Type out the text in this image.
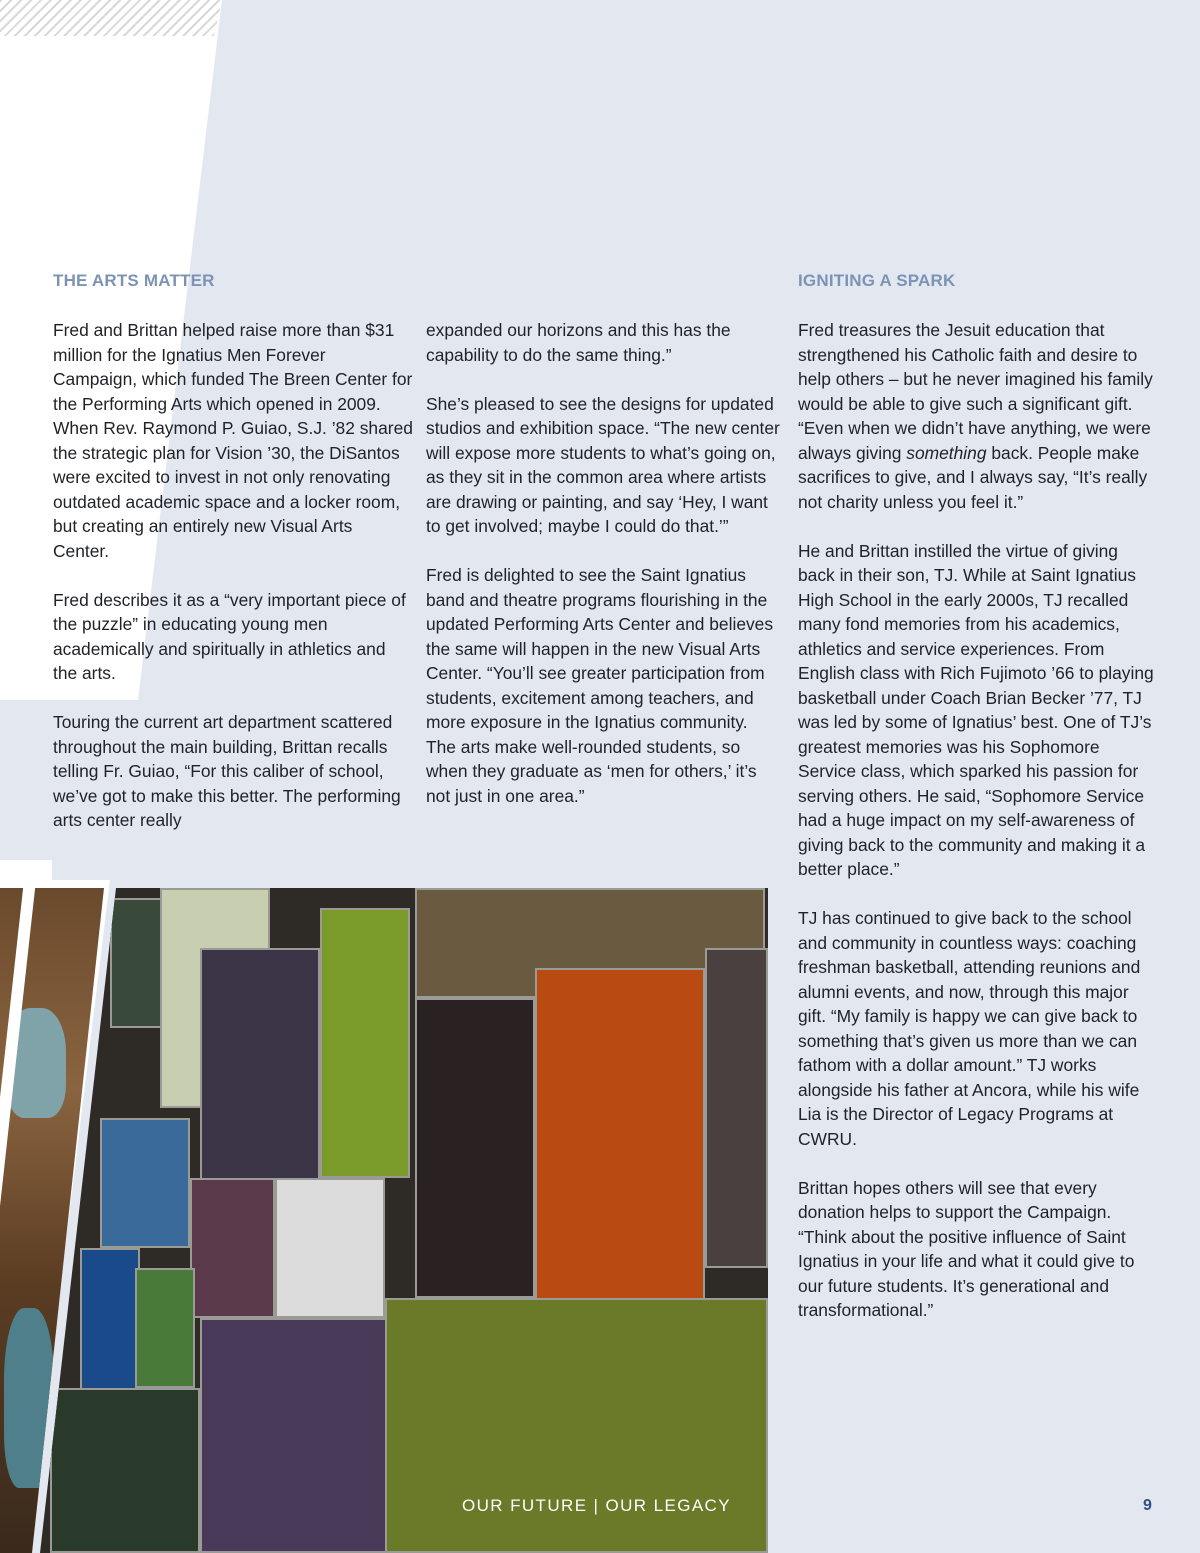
THE ARTS MATTER	IGNITING A SPARK

Fred and Brittan helped raise more than $31 million for the Ignatius Men Forever Campaign, which funded The Breen Center for the Performing Arts which opened in 2009. When Rev. Raymond P. Guiao, S.J. ’82 shared the strategic plan for Vision ’30, the DiSantos were excited to invest in not only renovating outdated academic space and a locker room, but creating an entirely new Visual Arts Center.

Fred describes it as a “very important piece of the puzzle” in educating young men academically and spiritually in athletics and the arts.

Touring the current art department scattered throughout the main building, Brittan recalls telling Fr. Guiao, “For this caliber of school, we’ve got to make this better. The performing arts center really

expanded our horizons and this has the capability to do the same thing.”

She’s pleased to see the designs for updated studios and exhibition space. “The new center will expose more students to what’s going on, as they sit in the common area where artists are drawing or painting, and say ‘Hey, I want to get involved; maybe I could do that.’”

Fred is delighted to see the Saint Ignatius band and theatre programs flourishing in the updated Performing Arts Center and believes the same will happen in the new Visual Arts Center. “You’ll see greater participation from students, excitement among teachers, and more exposure in the Ignatius community. The arts make well-rounded students, so when they graduate as ‘men for others,’ it’s not just in one area.”

Fred treasures the Jesuit education that strengthened his Catholic faith and desire to help others – but he never imagined his family would be able to give such a significant gift. “Even when we didn’t have anything, we were always giving something back. People make sacrifices to give, and I always say, “It’s really not charity unless you feel it.”

He and Brittan instilled the virtue of giving back in their son, TJ. While at Saint Ignatius High School in the early 2000s, TJ recalled many fond memories from his academics, athletics and service experiences. From English class with Rich Fujimoto ’66 to playing basketball under Coach Brian Becker ’77, TJ was led by some of Ignatius’ best. One of TJ’s greatest memories was his Sophomore Service class, which sparked his passion for serving others. He said, “Sophomore Service had a huge impact on my self-awareness of giving back to the community and making it a better place.”

TJ has continued to give back to the school and community in countless ways: coaching freshman basketball, attending reunions and alumni events, and now, through this major gift. “My family is happy we can give back to something that’s given us more than we can fathom with a dollar amount.” TJ works alongside his father at Ancora, while his wife Lia is the Director of Legacy Programs at CWRU.

Brittan hopes others will see that every donation helps to support the Campaign. “Think about the positive influence of Saint Ignatius in your life and what it could give to our future students. It’s generational and transformational.”

OUR FUTURE | OUR LEGACY	9
